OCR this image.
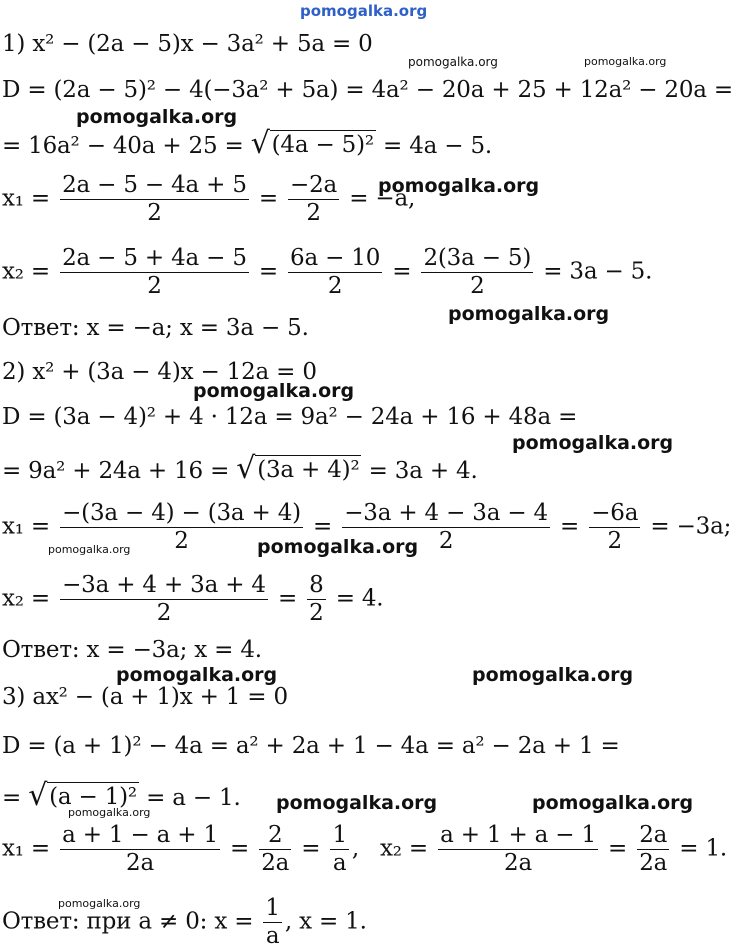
pomogalka.org
pomogalka.org	pomogalka.org
pomogalka.org
pomogalka.org
pomogalka.org
pomogalka.org
pomogalka.org
pomogalka.org	pomogalka.org
pomogalka.org	pomogalka.org
pomogalka.org	pomogalka.org
pomogalka.org
pomogalka.org
1) x² − (2a − 5)x − 3a² + 5a = 0
D = (2a − 5)² − 4(−3a² + 5a) = 4a² − 20a + 25 + 12a² − 20a =
= 16a² − 40a + 25 = √ (4a − 5)² = 4a − 5.
$x_1 = \frac{2a - 5 - 4a + 5}{2} = \frac{-2a}{2} = -a$,
$x_2 = \frac{2a - 5 + 4a - 5}{2} = \frac{6a - 10}{2} = \frac{2(3a - 5)}{2} = 3a - 5$.
Ответ: x = −a; x = 3a − 5.
2) x² + (3a − 4)x − 12a = 0
D = (3a − 4)² + 4 · 12a = 9a² − 24a + 16 + 48a =
= 9a² + 24a + 16 = √ (3a + 4)² = 3a + 4.
$x_1 = \frac{-(3a - 4) - (3a + 4)}{2} = \frac{-3a + 4 - 3a - 4}{2} = \frac{-6a}{2} = -3a$;
$x_2 = \frac{-3a + 4 + 3a + 4}{2} = \frac{8}{2} = 4$.
Ответ: x = −3a; x = 4.
3) ax² − (a + 1)x + 1 = 0
D = (a + 1)² − 4a = a² + 2a + 1 − 4a = a² − 2a + 1 =
= √ (a − 1)² = a − 1.
$x_1 = \frac{a + 1 - a + 1}{2a} = \frac{2}{2a} = \frac{1}{a}$ , $x_2 = \frac{a + 1 + a - 1}{2a} = \frac{2a}{2a} = 1$.
Ответ: при a ≠ 0: $x = \frac{1}{a}$ , x = 1.
